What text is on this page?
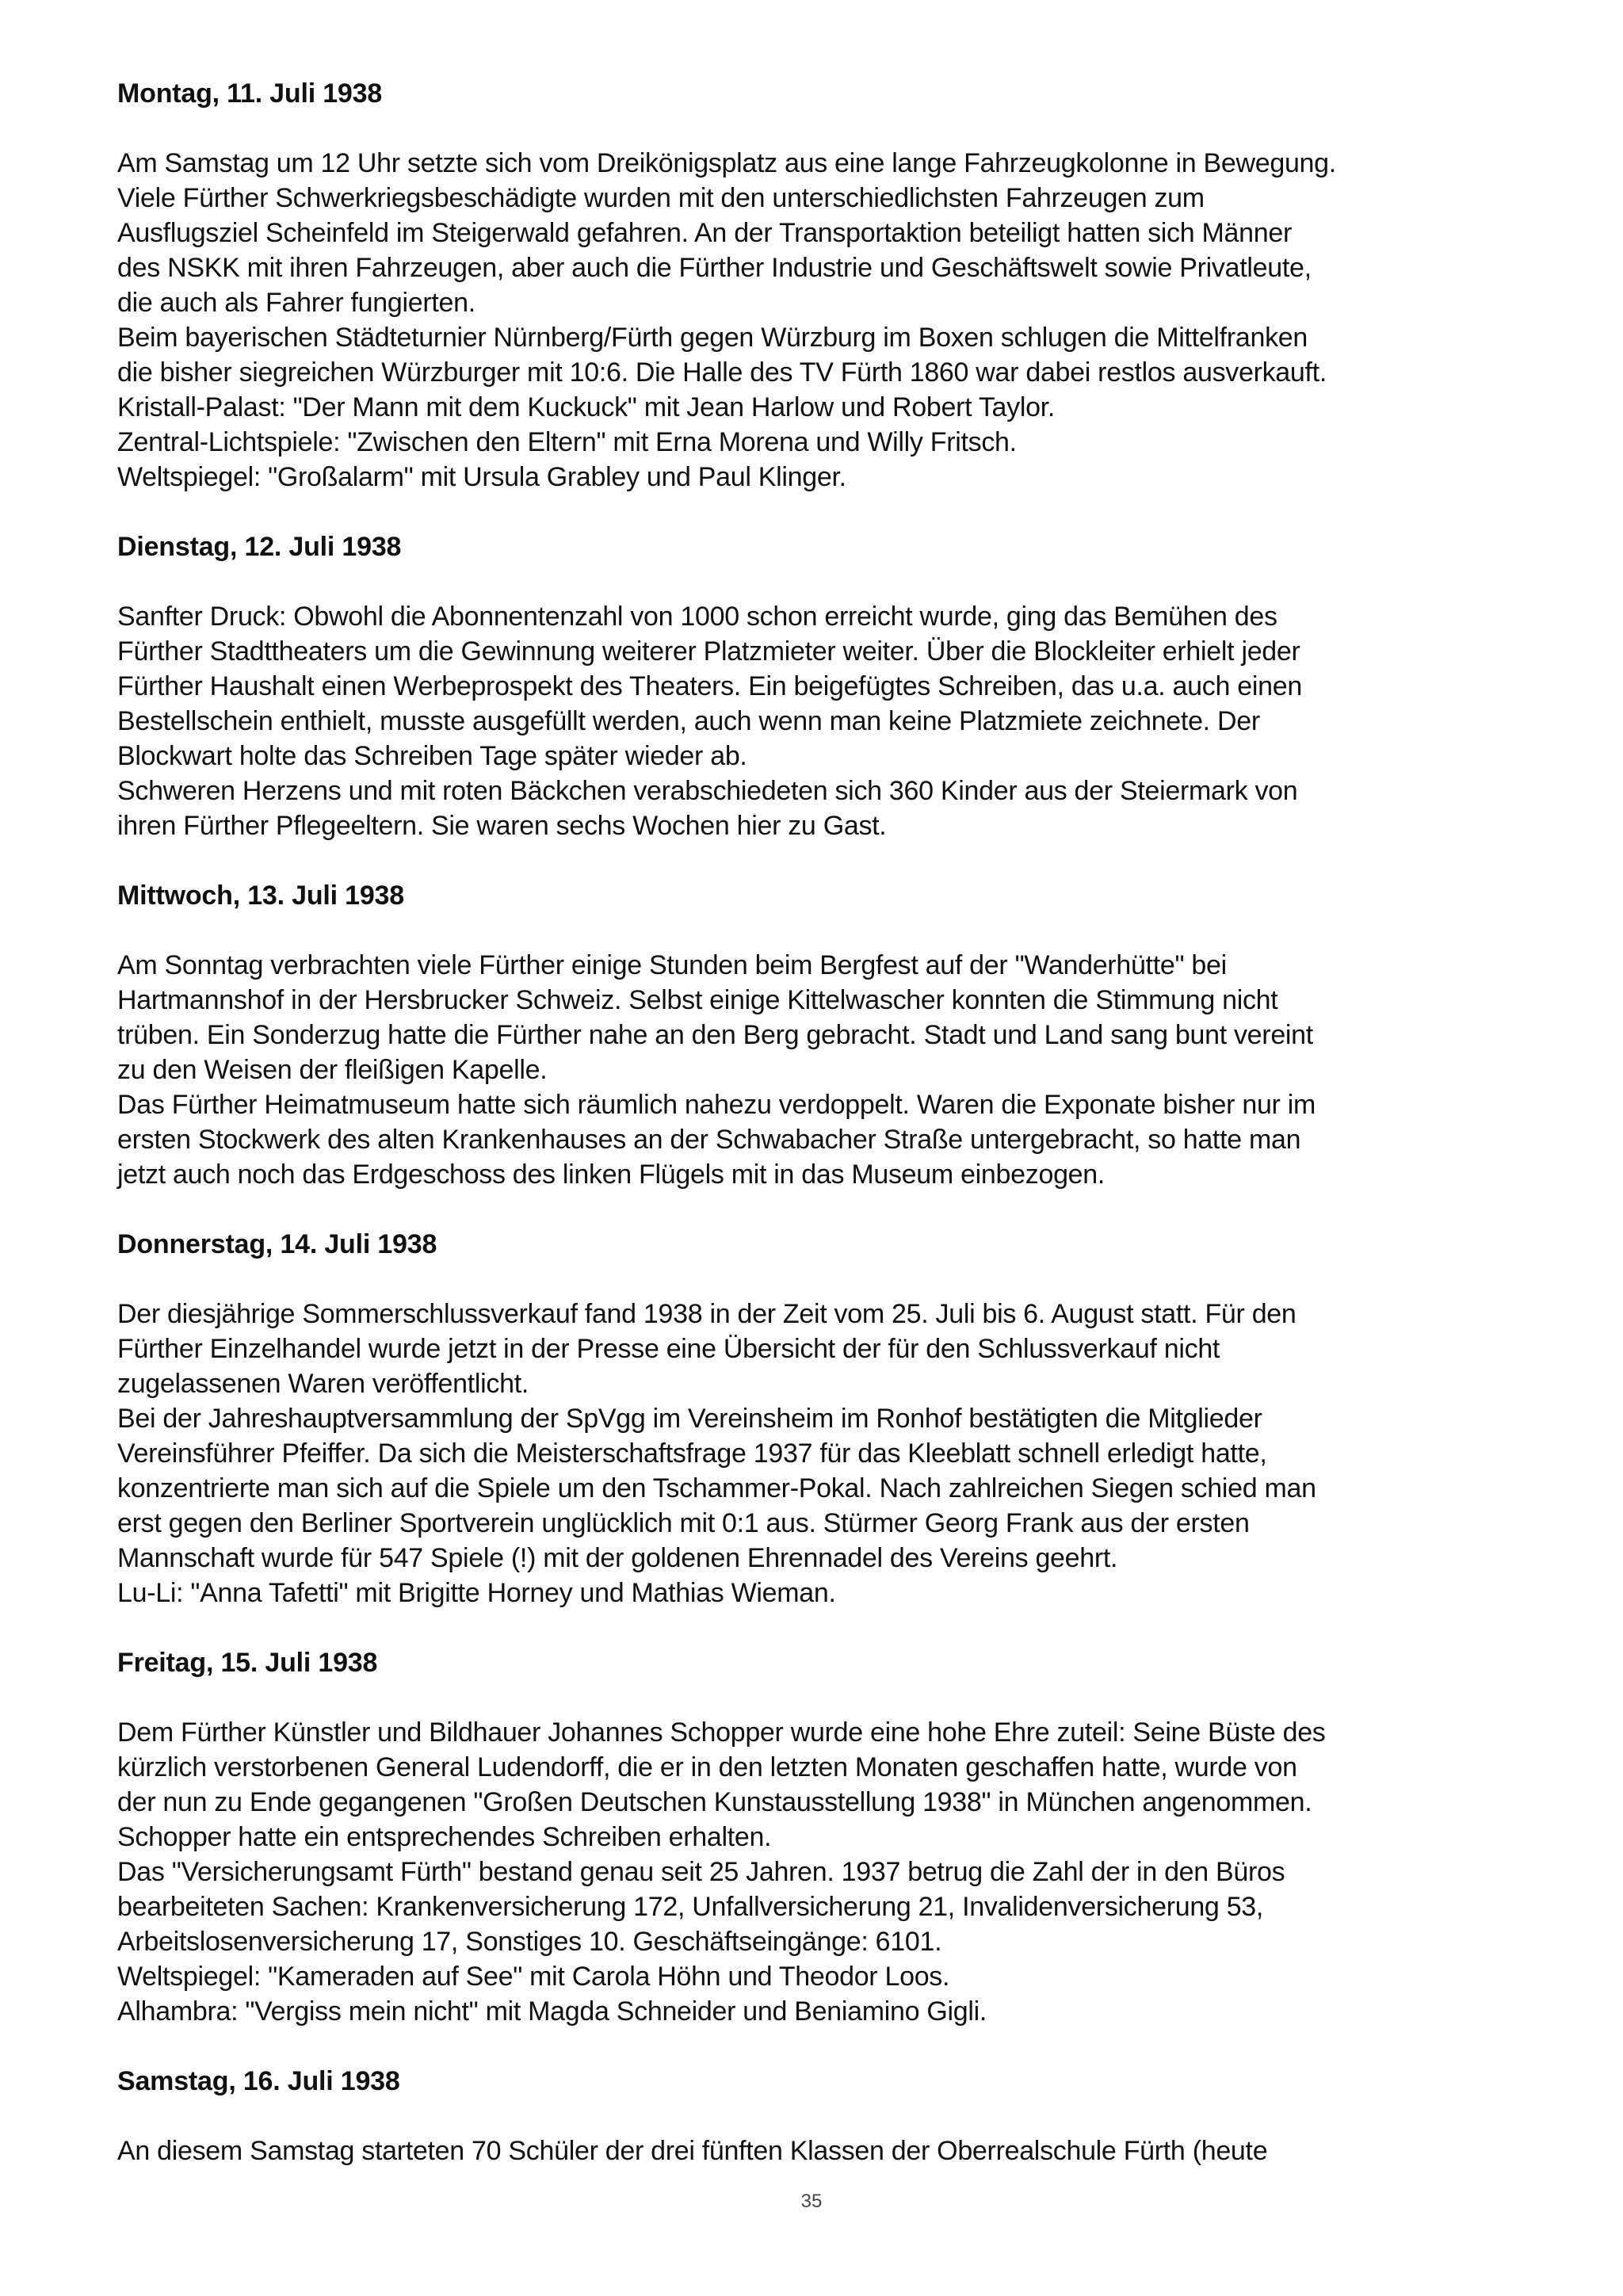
Montag, 11. Juli 1938

Am Samstag um 12 Uhr setzte sich vom Dreikönigsplatz aus eine lange Fahrzeugkolonne in Bewegung.

Viele Fürther Schwerkriegsbeschädigte wurden mit den unterschiedlichsten Fahrzeugen zum

Ausflugsziel Scheinfeld im Steigerwald gefahren. An der Transportaktion beteiligt hatten sich Männer

des NSKK mit ihren Fahrzeugen, aber auch die Fürther Industrie und Geschäftswelt sowie Privatleute,

die auch als Fahrer fungierten.

Beim bayerischen Städteturnier Nürnberg/Fürth gegen Würzburg im Boxen schlugen die Mittelfranken

die bisher siegreichen Würzburger mit 10:6. Die Halle des TV Fürth 1860 war dabei restlos ausverkauft.

Kristall-Palast: "Der Mann mit dem Kuckuck" mit Jean Harlow und Robert Taylor.

Zentral-Lichtspiele: "Zwischen den Eltern" mit Erna Morena und Willy Fritsch.

Weltspiegel: "Großalarm" mit Ursula Grabley und Paul Klinger.

Dienstag, 12. Juli 1938

Sanfter Druck: Obwohl die Abonnentenzahl von 1000 schon erreicht wurde, ging das Bemühen des

Fürther Stadttheaters um die Gewinnung weiterer Platzmieter weiter. Über die Blockleiter erhielt jeder

Fürther Haushalt einen Werbeprospekt des Theaters. Ein beigefügtes Schreiben, das u.a. auch einen

Bestellschein enthielt, musste ausgefüllt werden, auch wenn man keine Platzmiete zeichnete. Der

Blockwart holte das Schreiben Tage später wieder ab.

Schweren Herzens und mit roten Bäckchen verabschiedeten sich 360 Kinder aus der Steiermark von

ihren Fürther Pflegeeltern. Sie waren sechs Wochen hier zu Gast.

Mittwoch, 13. Juli 1938

Am Sonntag verbrachten viele Fürther einige Stunden beim Bergfest auf der "Wanderhütte" bei

Hartmannshof in der Hersbrucker Schweiz. Selbst einige Kittelwascher konnten die Stimmung nicht

trüben. Ein Sonderzug hatte die Fürther nahe an den Berg gebracht. Stadt und Land sang bunt vereint

zu den Weisen der fleißigen Kapelle.

Das Fürther Heimatmuseum hatte sich räumlich nahezu verdoppelt. Waren die Exponate bisher nur im

ersten Stockwerk des alten Krankenhauses an der Schwabacher Straße untergebracht, so hatte man

jetzt auch noch das Erdgeschoss des linken Flügels mit in das Museum einbezogen.

Donnerstag, 14. Juli 1938

Der diesjährige Sommerschlussverkauf fand 1938 in der Zeit vom 25. Juli bis 6. August statt. Für den

Fürther Einzelhandel wurde jetzt in der Presse eine Übersicht der für den Schlussverkauf nicht

zugelassenen Waren veröffentlicht.

Bei der Jahreshauptversammlung der SpVgg im Vereinsheim im Ronhof bestätigten die Mitglieder

Vereinsführer Pfeiffer. Da sich die Meisterschaftsfrage 1937 für das Kleeblatt schnell erledigt hatte,

konzentrierte man sich auf die Spiele um den Tschammer-Pokal. Nach zahlreichen Siegen schied man

erst gegen den Berliner Sportverein unglücklich mit 0:1 aus. Stürmer Georg Frank aus der ersten

Mannschaft wurde für 547 Spiele (!) mit der goldenen Ehrennadel des Vereins geehrt.

Lu-Li: "Anna Tafetti" mit Brigitte Horney und Mathias Wieman.

Freitag, 15. Juli 1938

Dem Fürther Künstler und Bildhauer Johannes Schopper wurde eine hohe Ehre zuteil: Seine Büste des

kürzlich verstorbenen General Ludendorff, die er in den letzten Monaten geschaffen hatte, wurde von

der nun zu Ende gegangenen "Großen Deutschen Kunstausstellung 1938" in München angenommen.

Schopper hatte ein entsprechendes Schreiben erhalten.

Das "Versicherungsamt Fürth" bestand genau seit 25 Jahren. 1937 betrug die Zahl der in den Büros

bearbeiteten Sachen: Krankenversicherung 172, Unfallversicherung 21, Invalidenversicherung 53,

Arbeitslosenversicherung 17, Sonstiges 10. Geschäftseingänge: 6101.

Weltspiegel: "Kameraden auf See" mit Carola Höhn und Theodor Loos.

Alhambra: "Vergiss mein nicht" mit Magda Schneider und Beniamino Gigli.

Samstag, 16. Juli 1938

An diesem Samstag starteten 70 Schüler der drei fünften Klassen der Oberrealschule Fürth (heute

35
